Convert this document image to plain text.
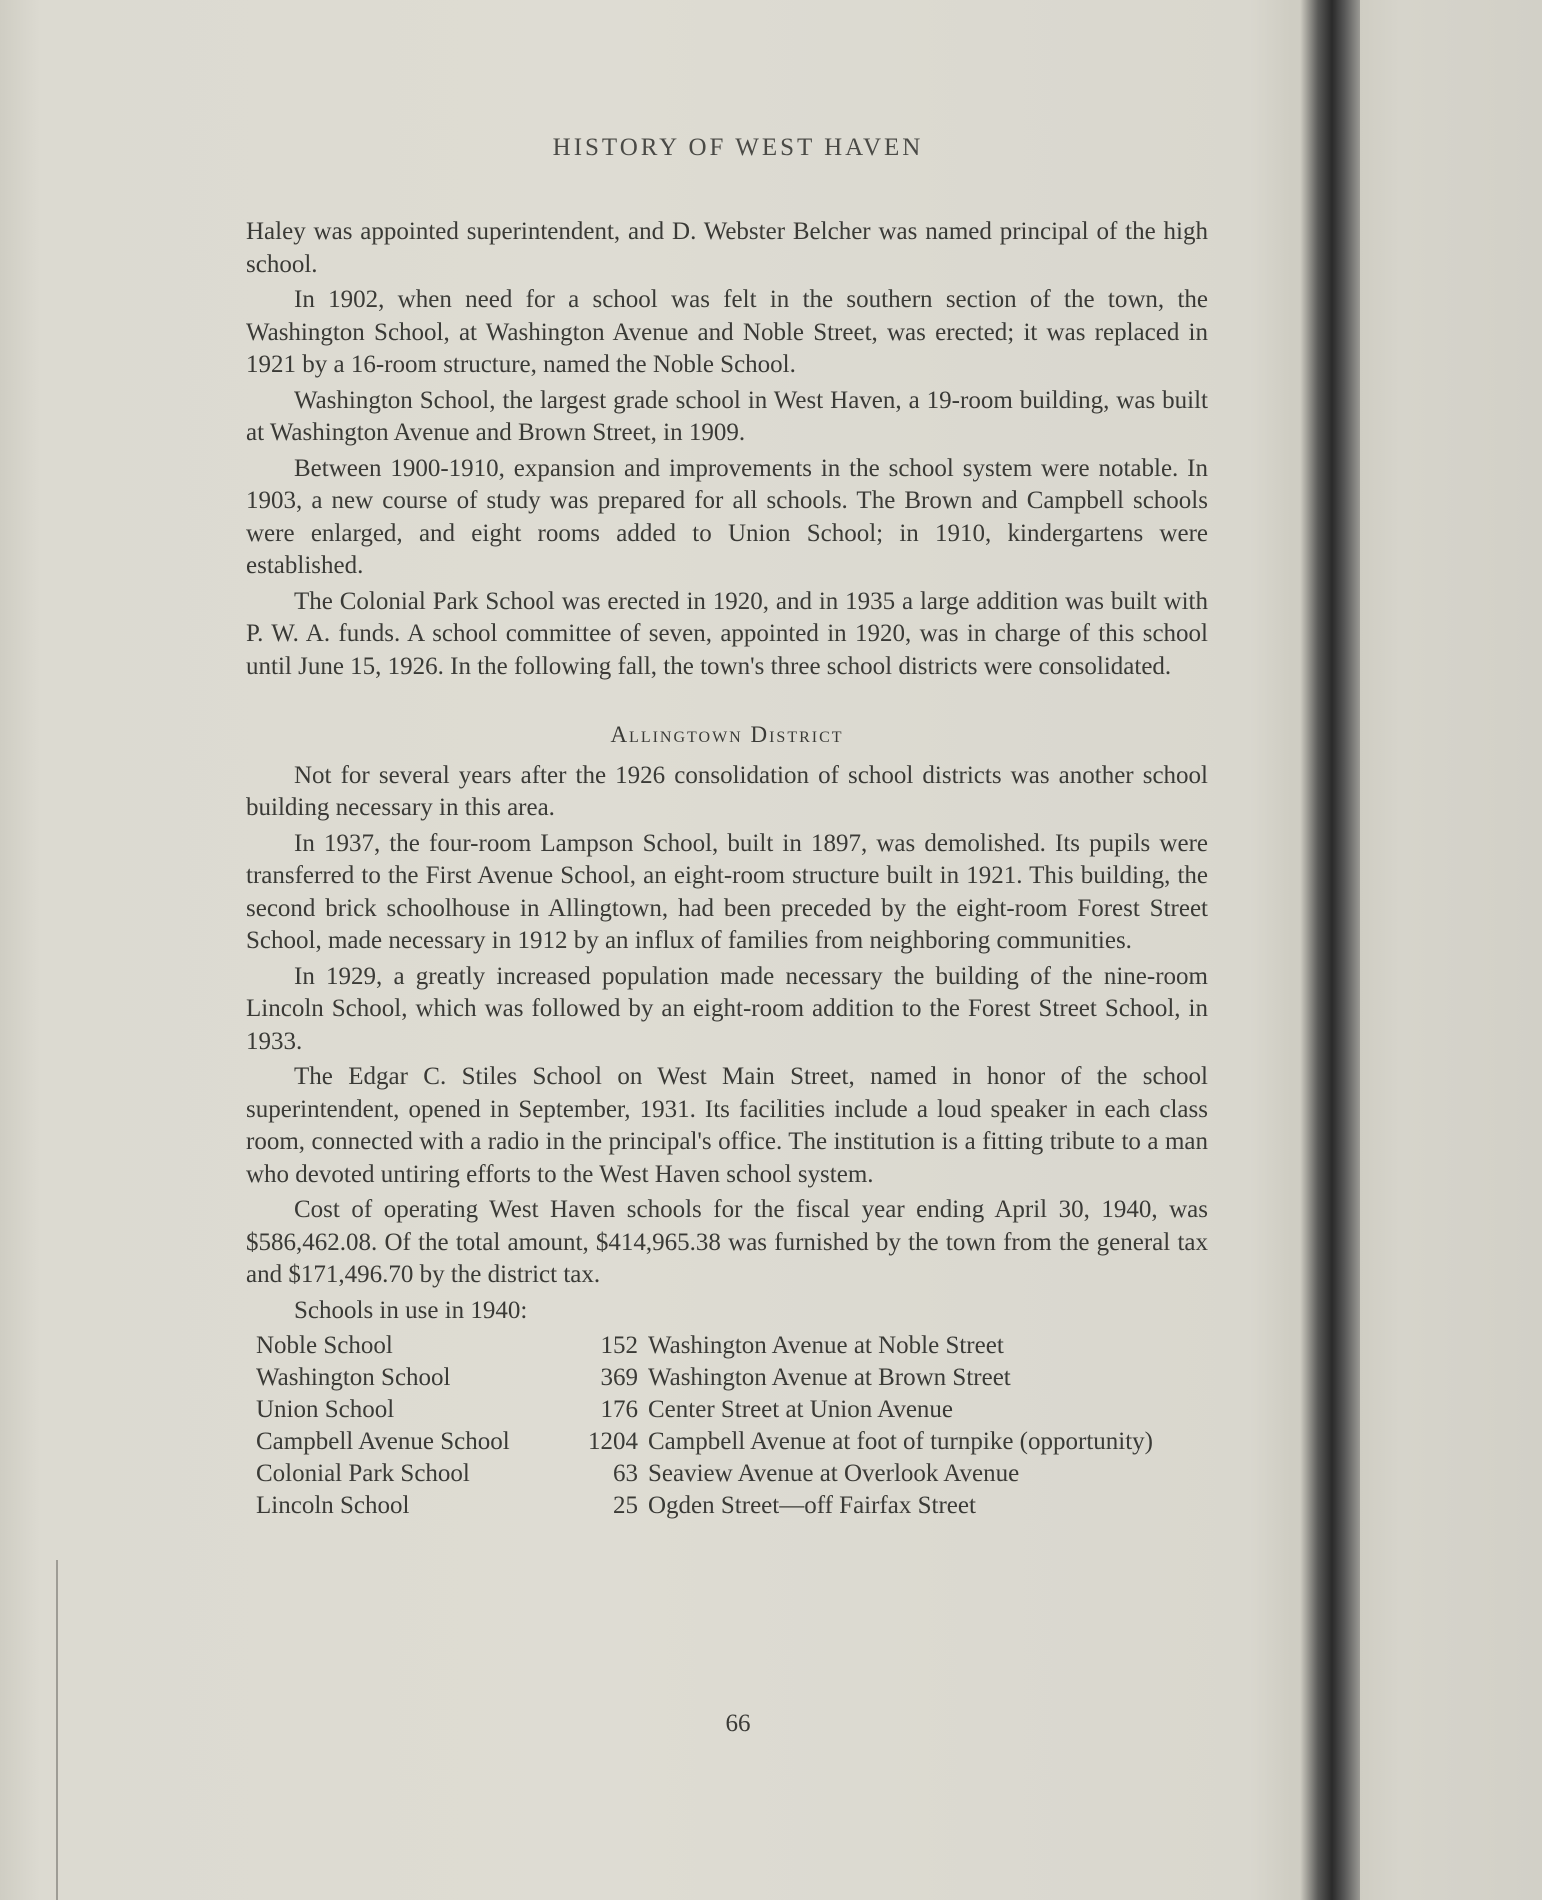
HISTORY OF WEST HAVEN

Haley was appointed superintendent, and D. Webster Belcher was named principal of the high school.

In 1902, when need for a school was felt in the southern section of the town, the Washington School, at Washington Avenue and Noble Street, was erected; it was replaced in 1921 by a 16-room structure, named the Noble School.

Washington School, the largest grade school in West Haven, a 19-room building, was built at Washington Avenue and Brown Street, in 1909.

Between 1900-1910, expansion and improvements in the school system were notable. In 1903, a new course of study was prepared for all schools. The Brown and Campbell schools were enlarged, and eight rooms added to Union School; in 1910, kindergartens were established.

The Colonial Park School was erected in 1920, and in 1935 a large addition was built with P. W. A. funds. A school committee of seven, appointed in 1920, was in charge of this school until June 15, 1926. In the following fall, the town's three school districts were consolidated.

Allingtown District

Not for several years after the 1926 consolidation of school districts was another school building necessary in this area.

In 1937, the four-room Lampson School, built in 1897, was demolished. Its pupils were transferred to the First Avenue School, an eight-room structure built in 1921. This building, the second brick schoolhouse in Allingtown, had been preceded by the eight-room Forest Street School, made necessary in 1912 by an influx of families from neighboring communities.

In 1929, a greatly increased population made necessary the building of the nine-room Lincoln School, which was followed by an eight-room addition to the Forest Street School, in 1933.

The Edgar C. Stiles School on West Main Street, named in honor of the school superintendent, opened in September, 1931. Its facilities include a loud speaker in each class room, connected with a radio in the principal's office. The institution is a fitting tribute to a man who devoted untiring efforts to the West Haven school system.

Cost of operating West Haven schools for the fiscal year ending April 30, 1940, was $586,462.08. Of the total amount, $414,965.38 was furnished by the town from the general tax and $171,496.70 by the district tax.

Schools in use in 1940:

Noble School	152	Washington Avenue at Noble Street
Washington School	369	Washington Avenue at Brown Street
Union School	176	Center Street at Union Avenue
Campbell Avenue School	1204	Campbell Avenue at foot of turnpike (opportunity)
Colonial Park School	63	Seaview Avenue at Overlook Avenue
Lincoln School	25	Ogden Street—off Fairfax Street
66
